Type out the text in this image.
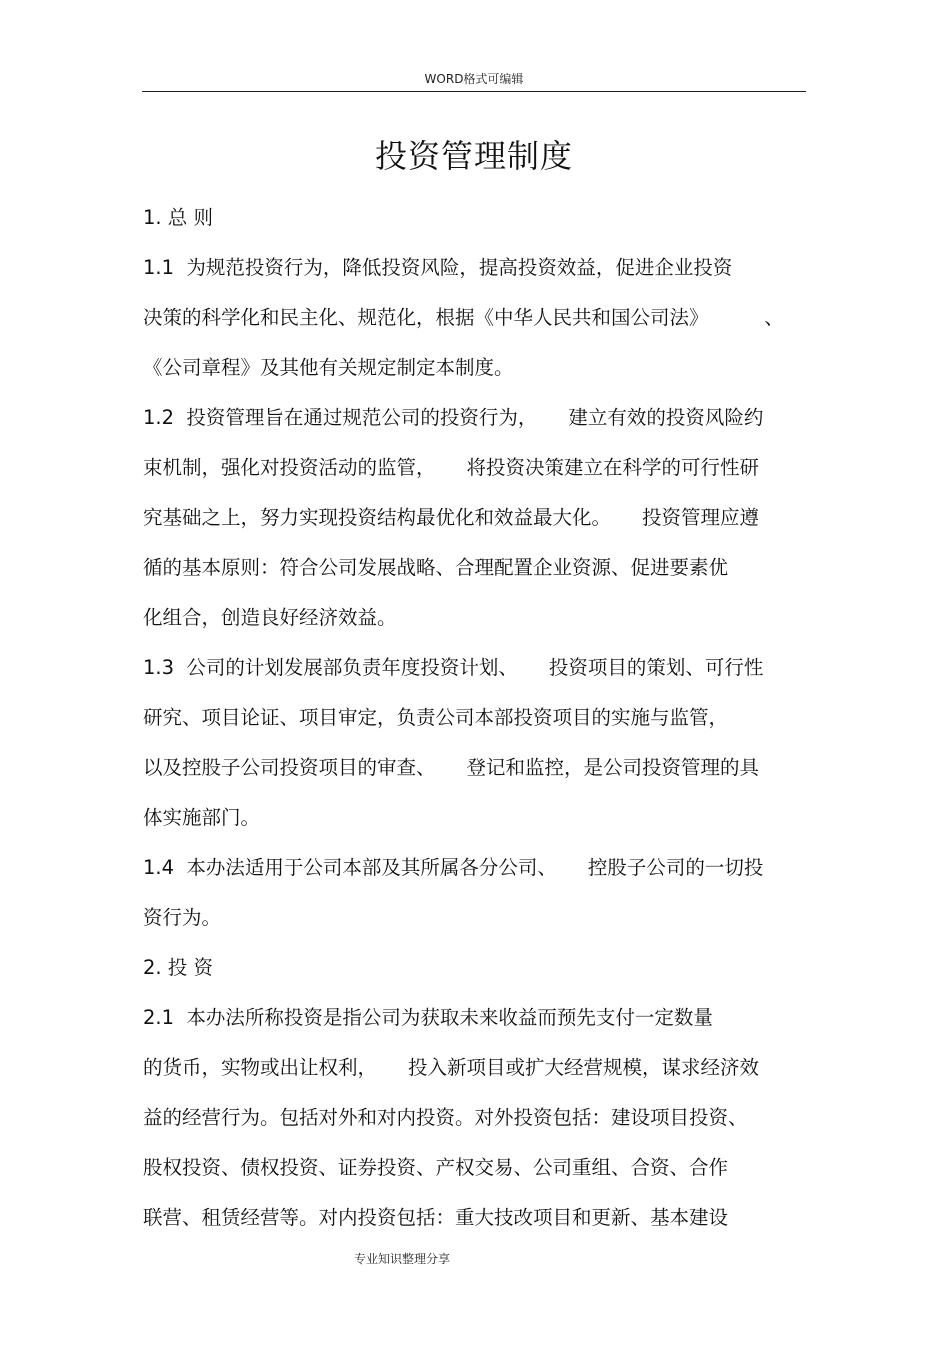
WORD格式可编辑
投资管理制度
1. 总 则
1.1  为规范投资行为，降低投资风险，提高投资效益，促进企业投资
决策的科学化和民主化、规范化，根据《中华人民共和国公司法》         、
《公司章程》及其他有关规定制定本制度。
1.2  投资管理旨在通过规范公司的投资行为，     建立有效的投资风险约
束机制，强化对投资活动的监管，     将投资决策建立在科学的可行性研
究基础之上，努力实现投资结构最优化和效益最大化。     投资管理应遵
循的基本原则：符合公司发展战略、合理配置企业资源、促进要素优
化组合，创造良好经济效益。
1.3  公司的计划发展部负责年度投资计划、     投资项目的策划、可行性
研究、项目论证、项目审定，负责公司本部投资项目的实施与监管，
以及控股子公司投资项目的审查、     登记和监控，是公司投资管理的具
体实施部门。
1.4  本办法适用于公司本部及其所属各分公司、     控股子公司的一切投
资行为。
2. 投 资
2.1  本办法所称投资是指公司为获取未来收益而预先支付一定数量
的货币，实物或出让权利，     投入新项目或扩大经营规模，谋求经济效
益的经营行为。包括对外和对内投资。对外投资包括：建设项目投资、
股权投资、债权投资、证券投资、产权交易、公司重组、合资、合作
联营、租赁经营等。对内投资包括：重大技改项目和更新、基本建设
专业知识整理分享
